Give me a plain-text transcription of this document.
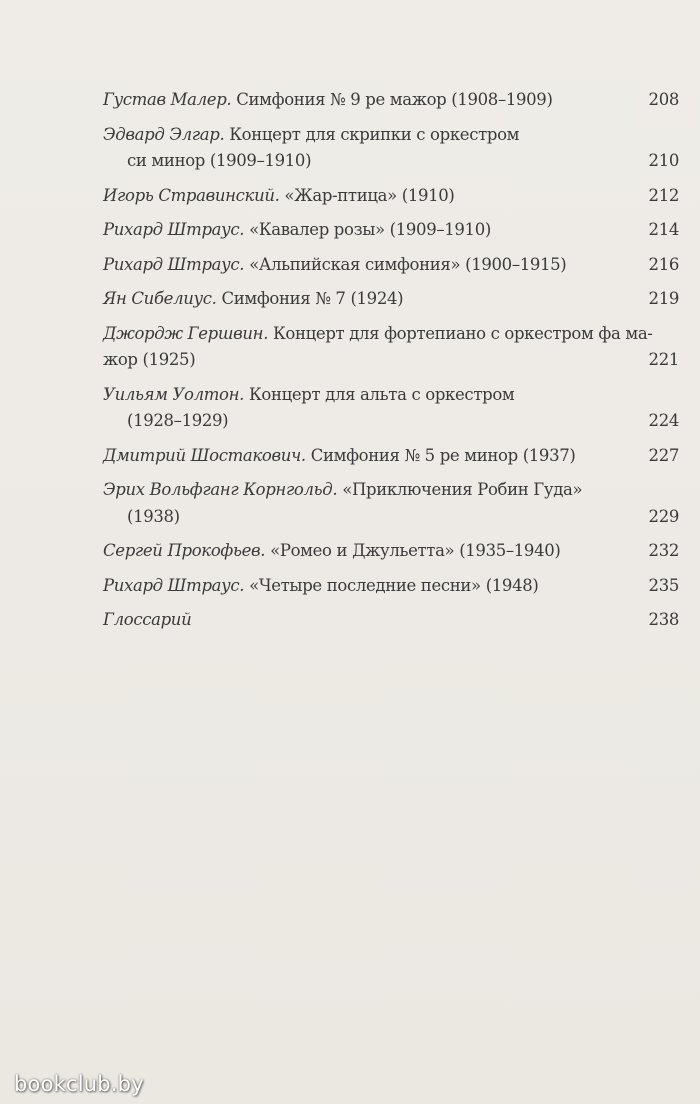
Густав Малер. Симфония № 9 ре мажор (1908–1909)	208
Эдвард Элгар. Концерт для скрипки с оркестром
си минор (1909–1910)	210
Игорь Стравинский. «Жар-птица» (1910)	212
Рихард Штраус. «Кавалер розы» (1909–1910)	214
Рихард Штраус. «Альпийская симфония» (1900–1915)	216
Ян Сибелиус. Симфония № 7 (1924)	219
Джордж Гершвин. Концерт для фортепиано с оркестром фа ма-
жор (1925)	221
Уильям Уолтон. Концерт для альта с оркестром
(1928–1929)	224
Дмитрий Шостакович. Симфония № 5 ре минор (1937)	227
Эрих Вольфганг Корнгольд. «Приключения Робин Гуда»
(1938)	229
Сергей Прокофьев. «Ромео и Джульетта» (1935–1940)	232
Рихард Штраус. «Четыре последние песни» (1948)	235
Глоссарий	238
bookclub.by
